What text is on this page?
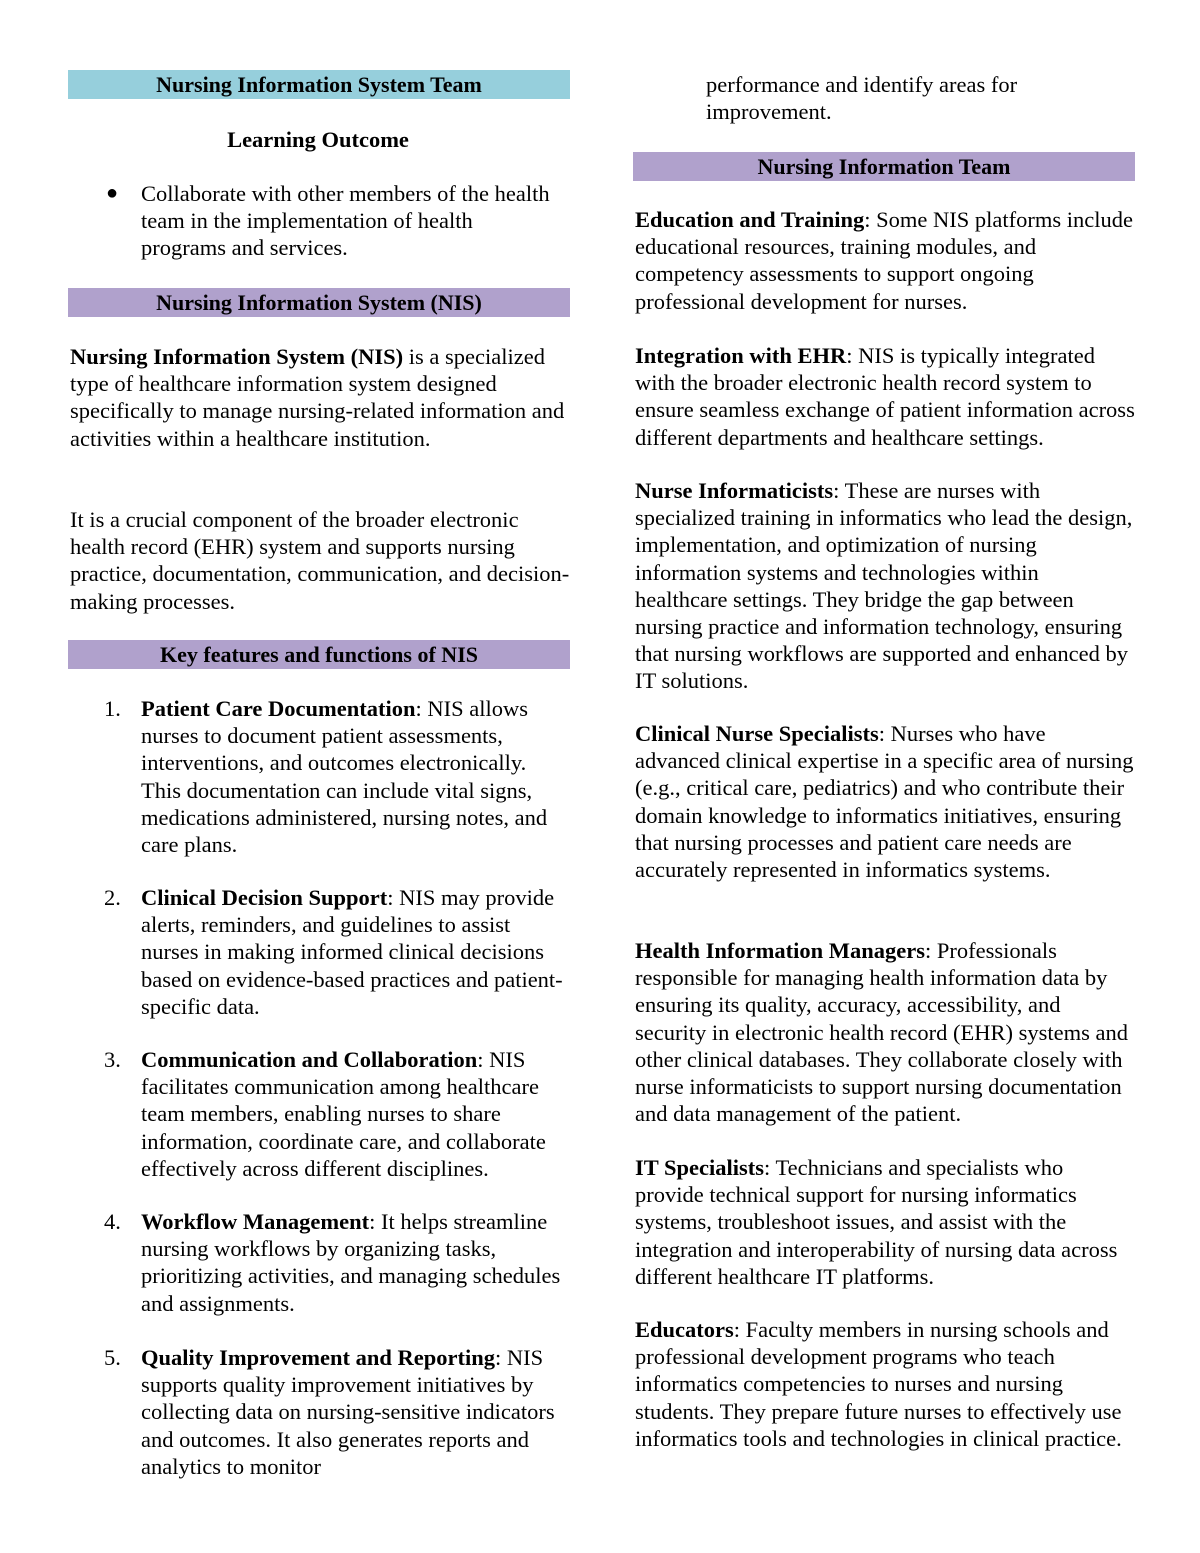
Nursing Information System Team

Learning Outcome

● Collaborate with other members of the health team in the implementation of health programs and services.
Nursing Information System (NIS)

Nursing Information System (NIS) is a specialized type of healthcare information system designed specifically to manage nursing-related information and activities within a healthcare institution.

It is a crucial component of the broader electronic health record (EHR) system and supports nursing practice, documentation, communication, and decision-making processes.

Key features and functions of NIS
1. Patient Care Documentation: NIS allows nurses to document patient assessments, interventions, and outcomes electronically. This documentation can include vital signs, medications administered, nursing notes, and care plans.
2. Clinical Decision Support: NIS may provide alerts, reminders, and guidelines to assist nurses in making informed clinical decisions based on evidence-based practices and patient-specific data.
3. Communication and Collaboration: NIS facilitates communication among healthcare team members, enabling nurses to share information, coordinate care, and collaborate effectively across different disciplines.
4. Workflow Management: It helps streamline nursing workflows by organizing tasks, prioritizing activities, and managing schedules and assignments.
5. Quality Improvement and Reporting: NIS supports quality improvement initiatives by collecting data on nursing-sensitive indicators and outcomes. It also generates reports and analytics to monitor

performance and identify areas for improvement.

Nursing Information Team

Education and Training: Some NIS platforms include educational resources, training modules, and competency assessments to support ongoing professional development for nurses.

Integration with EHR: NIS is typically integrated with the broader electronic health record system to ensure seamless exchange of patient information across different departments and healthcare settings.

Nurse Informaticists: These are nurses with specialized training in informatics who lead the design, implementation, and optimization of nursing information systems and technologies within healthcare settings. They bridge the gap between nursing practice and information technology, ensuring that nursing workflows are supported and enhanced by IT solutions.

Clinical Nurse Specialists: Nurses who have advanced clinical expertise in a specific area of nursing (e.g., critical care, pediatrics) and who contribute their domain knowledge to informatics initiatives, ensuring that nursing processes and patient care needs are accurately represented in informatics systems.

Health Information Managers: Professionals responsible for managing health information data by ensuring its quality, accuracy, accessibility, and security in electronic health record (EHR) systems and other clinical databases. They collaborate closely with nurse informaticists to support nursing documentation and data management of the patient.

IT Specialists: Technicians and specialists who provide technical support for nursing informatics systems, troubleshoot issues, and assist with the integration and interoperability of nursing data across different healthcare IT platforms.

Educators: Faculty members in nursing schools and professional development programs who teach informatics competencies to nurses and nursing students. They prepare future nurses to effectively use informatics tools and technologies in clinical practice.
